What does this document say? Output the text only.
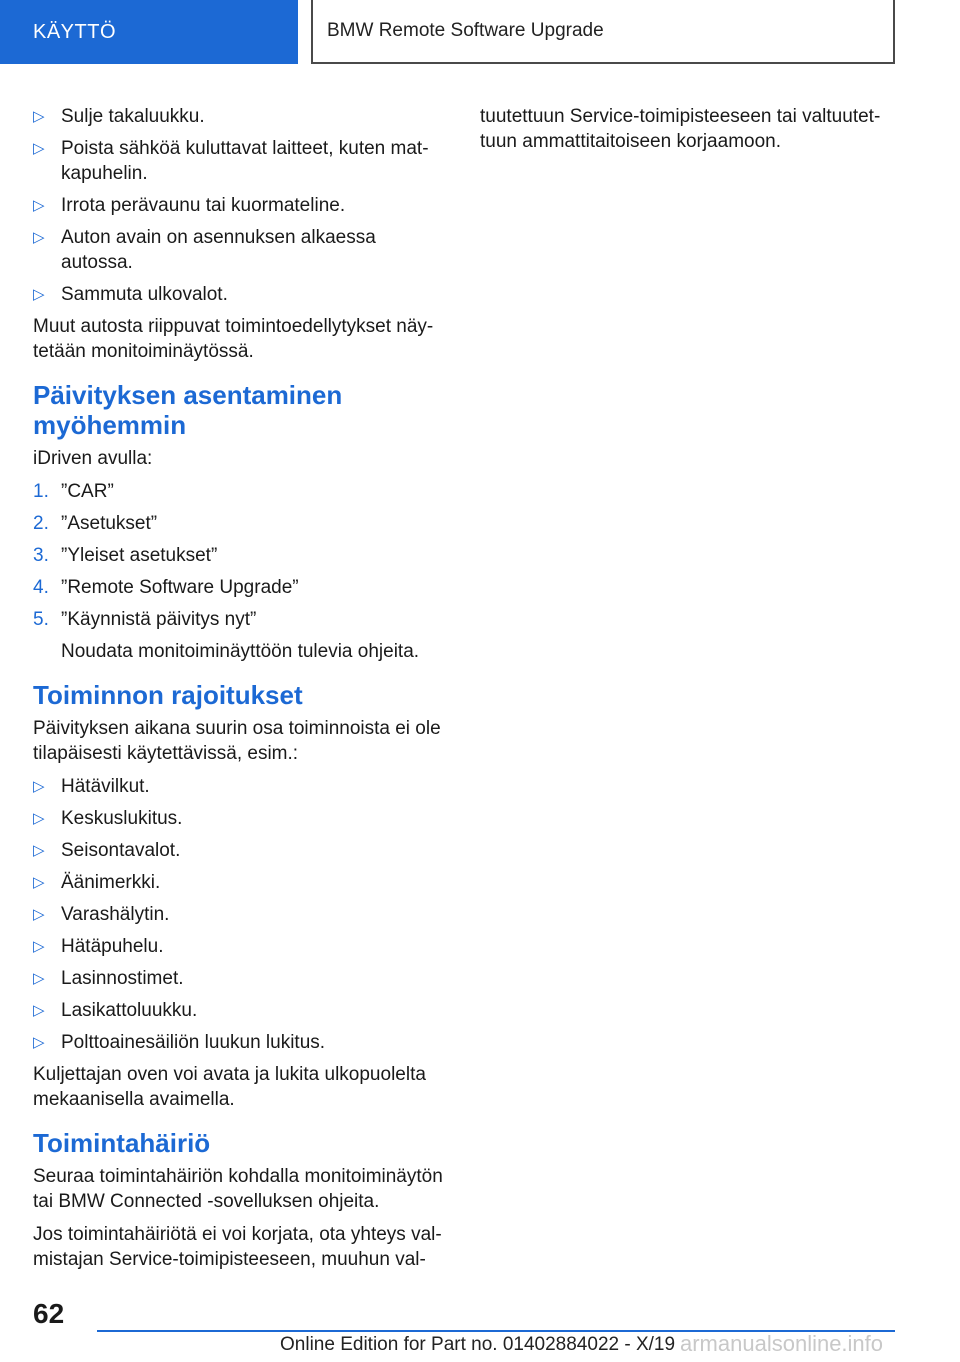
KÄYTTÖ	BMW Remote Software Upgrade
▷ Sulje takaluukku.
▷ Poista sähköä kuluttavat laitteet, kuten mat-kapuhelin.
▷ Irrota perävaunu tai kuormateline.
▷ Auton avain on asennuksen alkaessa autossa.
▷ Sammuta ulkovalot.

Muut autosta riippuvat toimintoedellytykset näy-tetään monitoiminäytössä.

Päivityksen asentaminen myöhemmin

iDriven avulla:

1. ”CAR”
2. ”Asetukset”
3. ”Yleiset asetukset”
4. ”Remote Software Upgrade”
5. ”Käynnistä päivitys nyt”
Noudata monitoiminäyttöön tulevia ohjeita.
Toiminnon rajoitukset

Päivityksen aikana suurin osa toiminnoista ei ole tilapäisesti käytettävissä, esim.:

▷ Hätävilkut.
▷ Keskuslukitus.
▷ Seisontavalot.
▷ Äänimerkki.
▷ Varashälytin.
▷ Hätäpuhelu.
▷ Lasinnostimet.
▷ Lasikattoluukku.
▷ Polttoainesäiliön luukun lukitus.

Kuljettajan oven voi avata ja lukita ulkopuolelta mekaanisella avaimella.

Toimintahäiriö

Seuraa toimintahäiriön kohdalla monitoiminäytön tai BMW Connected -sovelluksen ohjeita.

Jos toimintahäiriötä ei voi korjata, ota yhteys val-mistajan Service-toimipisteeseen, muuhun val-

tuutettuun Service-toimipisteeseen tai valtuutet-tuun ammattitaitoiseen korjaamoon.

62
Online Edition for Part no. 01402884022 - X/19 armanualsonline.info
